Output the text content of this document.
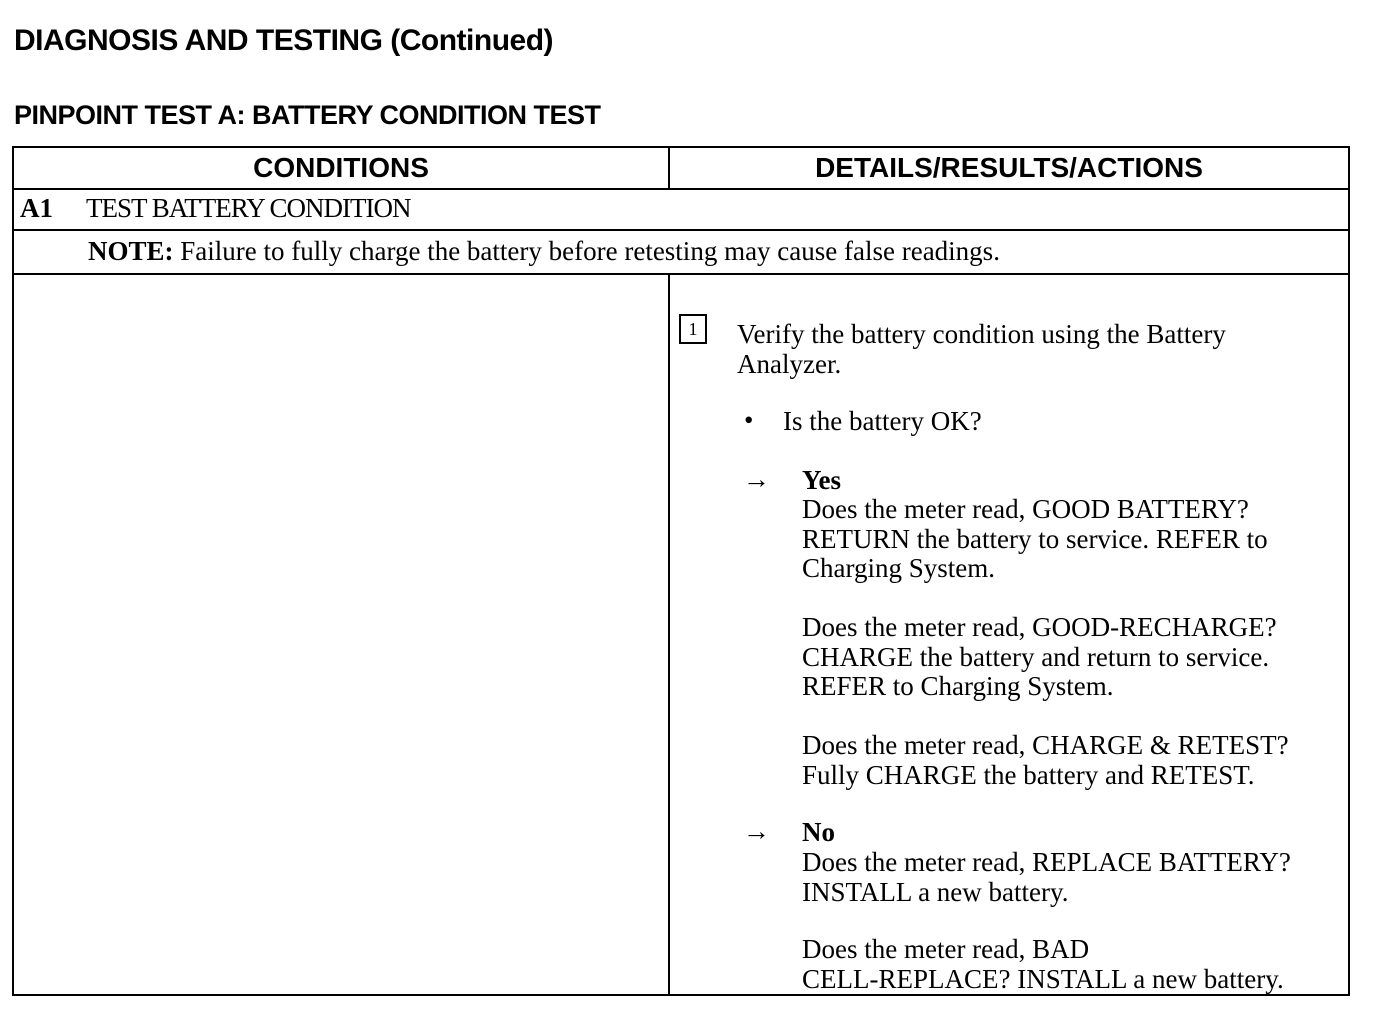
DIAGNOSIS AND TESTING (Continued)
PINPOINT TEST A: BATTERY CONDITION TEST
CONDITIONS	DETAILS/RESULTS/ACTIONS
A1 TEST BATTERY CONDITION
NOTE: Failure to fully charge the battery before retesting may cause false readings.
1	Verify the battery condition using the Battery
Analyzer.
• Is the battery OK?
→ Yes
Does the meter read, GOOD BATTERY?
RETURN the battery to service. REFER to
Charging System.
Does the meter read, GOOD-RECHARGE?
CHARGE the battery and return to service.
REFER to Charging System.
Does the meter read, CHARGE & RETEST?
Fully CHARGE the battery and RETEST.
→ No
Does the meter read, REPLACE BATTERY?
INSTALL a new battery.
Does the meter read, BAD
CELL-REPLACE? INSTALL a new battery.
